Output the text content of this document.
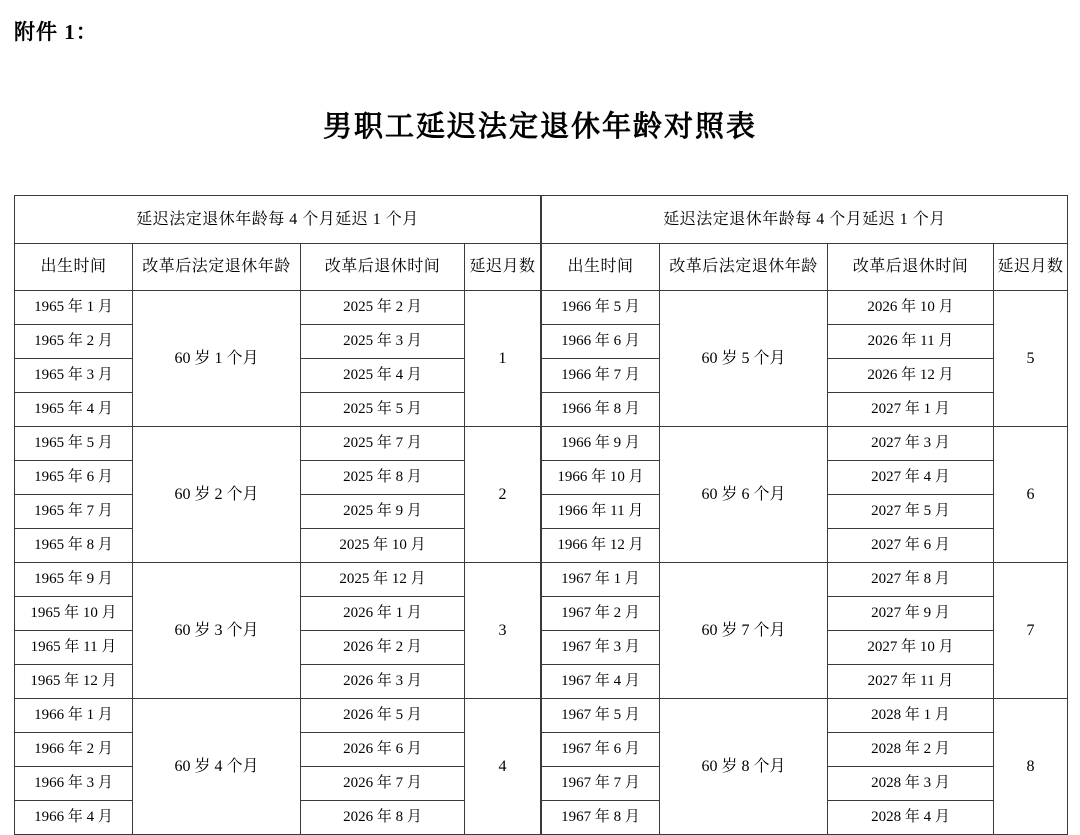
附件 1：
男职工延迟法定退休年龄对照表
延迟法定退休年龄每 4 个月延迟 1 个月			
出生时间	改革后法定退休年龄	改革后退休时间	延迟月数
1965 年 1 月	60 岁 1 个月	2025 年 2 月	1
1965 年 2 月		2025 年 3 月	
1965 年 3 月		2025 年 4 月	
1965 年 4 月		2025 年 5 月	
1965 年 5 月	60 岁 2 个月	2025 年 7 月	2
1965 年 6 月		2025 年 8 月	
1965 年 7 月		2025 年 9 月	
1965 年 8 月		2025 年 10 月	
1965 年 9 月	60 岁 3 个月	2025 年 12 月	3
1965 年 10 月		2026 年 1 月	
1965 年 11 月		2026 年 2 月	
1965 年 12 月		2026 年 3 月	
1966 年 1 月	60 岁 4 个月	2026 年 5 月	4
1966 年 2 月		2026 年 6 月	
1966 年 3 月		2026 年 7 月	
1966 年 4 月		2026 年 8 月	
延迟法定退休年龄每 4 个月延迟 1 个月			
出生时间	改革后法定退休年龄	改革后退休时间	延迟月数
1966 年 5 月	60 岁 5 个月	2026 年 10 月	5
1966 年 6 月		2026 年 11 月	
1966 年 7 月		2026 年 12 月	
1966 年 8 月		2027 年 1 月	
1966 年 9 月	60 岁 6 个月	2027 年 3 月	6
1966 年 10 月		2027 年 4 月	
1966 年 11 月		2027 年 5 月	
1966 年 12 月		2027 年 6 月	
1967 年 1 月	60 岁 7 个月	2027 年 8 月	7
1967 年 2 月		2027 年 9 月	
1967 年 3 月		2027 年 10 月	
1967 年 4 月		2027 年 11 月	
1967 年 5 月	60 岁 8 个月	2028 年 1 月	8
1967 年 6 月		2028 年 2 月	
1967 年 7 月		2028 年 3 月	
1967 年 8 月		2028 年 4 月	
